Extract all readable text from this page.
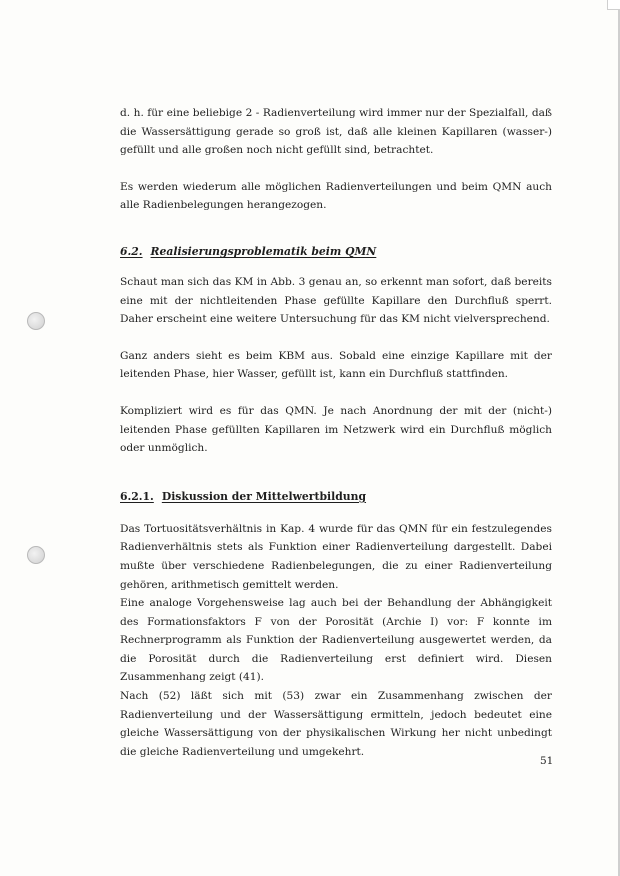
d. h. für eine beliebige 2 - Radienverteilung wird immer nur der Spezialfall, daß die Wassersättigung gerade so groß ist, daß alle kleinen Kapillaren (wasser-) gefüllt und alle großen noch nicht gefüllt sind, betrachtet.

Es werden wiederum alle möglichen Radienverteilungen und beim QMN auch alle Radienbelegungen herangezogen.

6.2. Realisierungsproblematik beim QMN

Schaut man sich das KM in Abb. 3 genau an, so erkennt man sofort, daß bereits eine mit der nichtleitenden Phase gefüllte Kapillare den Durchfluß sperrt. Daher erscheint eine weitere Untersuchung für das KM nicht vielversprechend.

Ganz anders sieht es beim KBM aus. Sobald eine einzige Kapillare mit der leitenden Phase, hier Wasser, gefüllt ist, kann ein Durchfluß stattfinden.

Kompliziert wird es für das QMN. Je nach Anordnung der mit der (nicht-) leitenden Phase gefüllten Kapillaren im Netzwerk wird ein Durchfluß möglich oder unmöglich.

6.2.1. Diskussion der Mittelwertbildung

Das Tortuositätsverhältnis in Kap. 4 wurde für das QMN für ein festzulegendes Radienverhältnis stets als Funktion einer Radienverteilung dargestellt. Dabei mußte über verschiedene Radienbelegungen, die zu einer Radienverteilung gehören, arithmetisch gemittelt werden.

Eine analoge Vorgehensweise lag auch bei der Behandlung der Abhängigkeit des Formationsfaktors F von der Porosität (Archie I) vor: F konnte im Rechnerprogramm als Funktion der Radienverteilung ausgewertet werden, da die Porosität durch die Radienverteilung erst definiert wird. Diesen Zusammenhang zeigt (41).

Nach (52) läßt sich mit (53) zwar ein Zusammenhang zwischen der Radienverteilung und der Wassersättigung ermitteln, jedoch bedeutet eine gleiche Wassersättigung von der physikalischen Wirkung her nicht unbedingt die gleiche Radienverteilung und umgekehrt.

51
